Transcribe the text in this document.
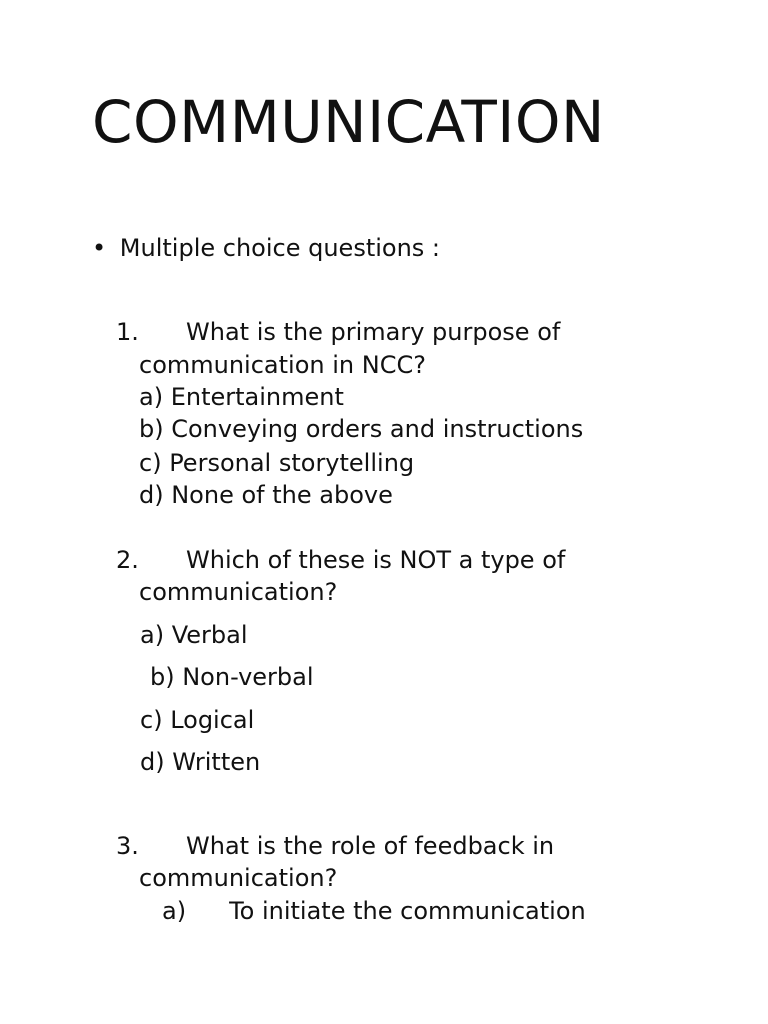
COMMUNICATION
• Multiple choice questions :
1. What is the primary purpose of
communication in NCC?
a) Entertainment
b) Conveying orders and instructions
c) Personal storytelling
d) None of the above
2. Which of these is NOT a type of
communication?
a) Verbal
b) Non-verbal
c) Logical
d) Written
3. What is the role of feedback in
communication?
a) To initiate the communication
